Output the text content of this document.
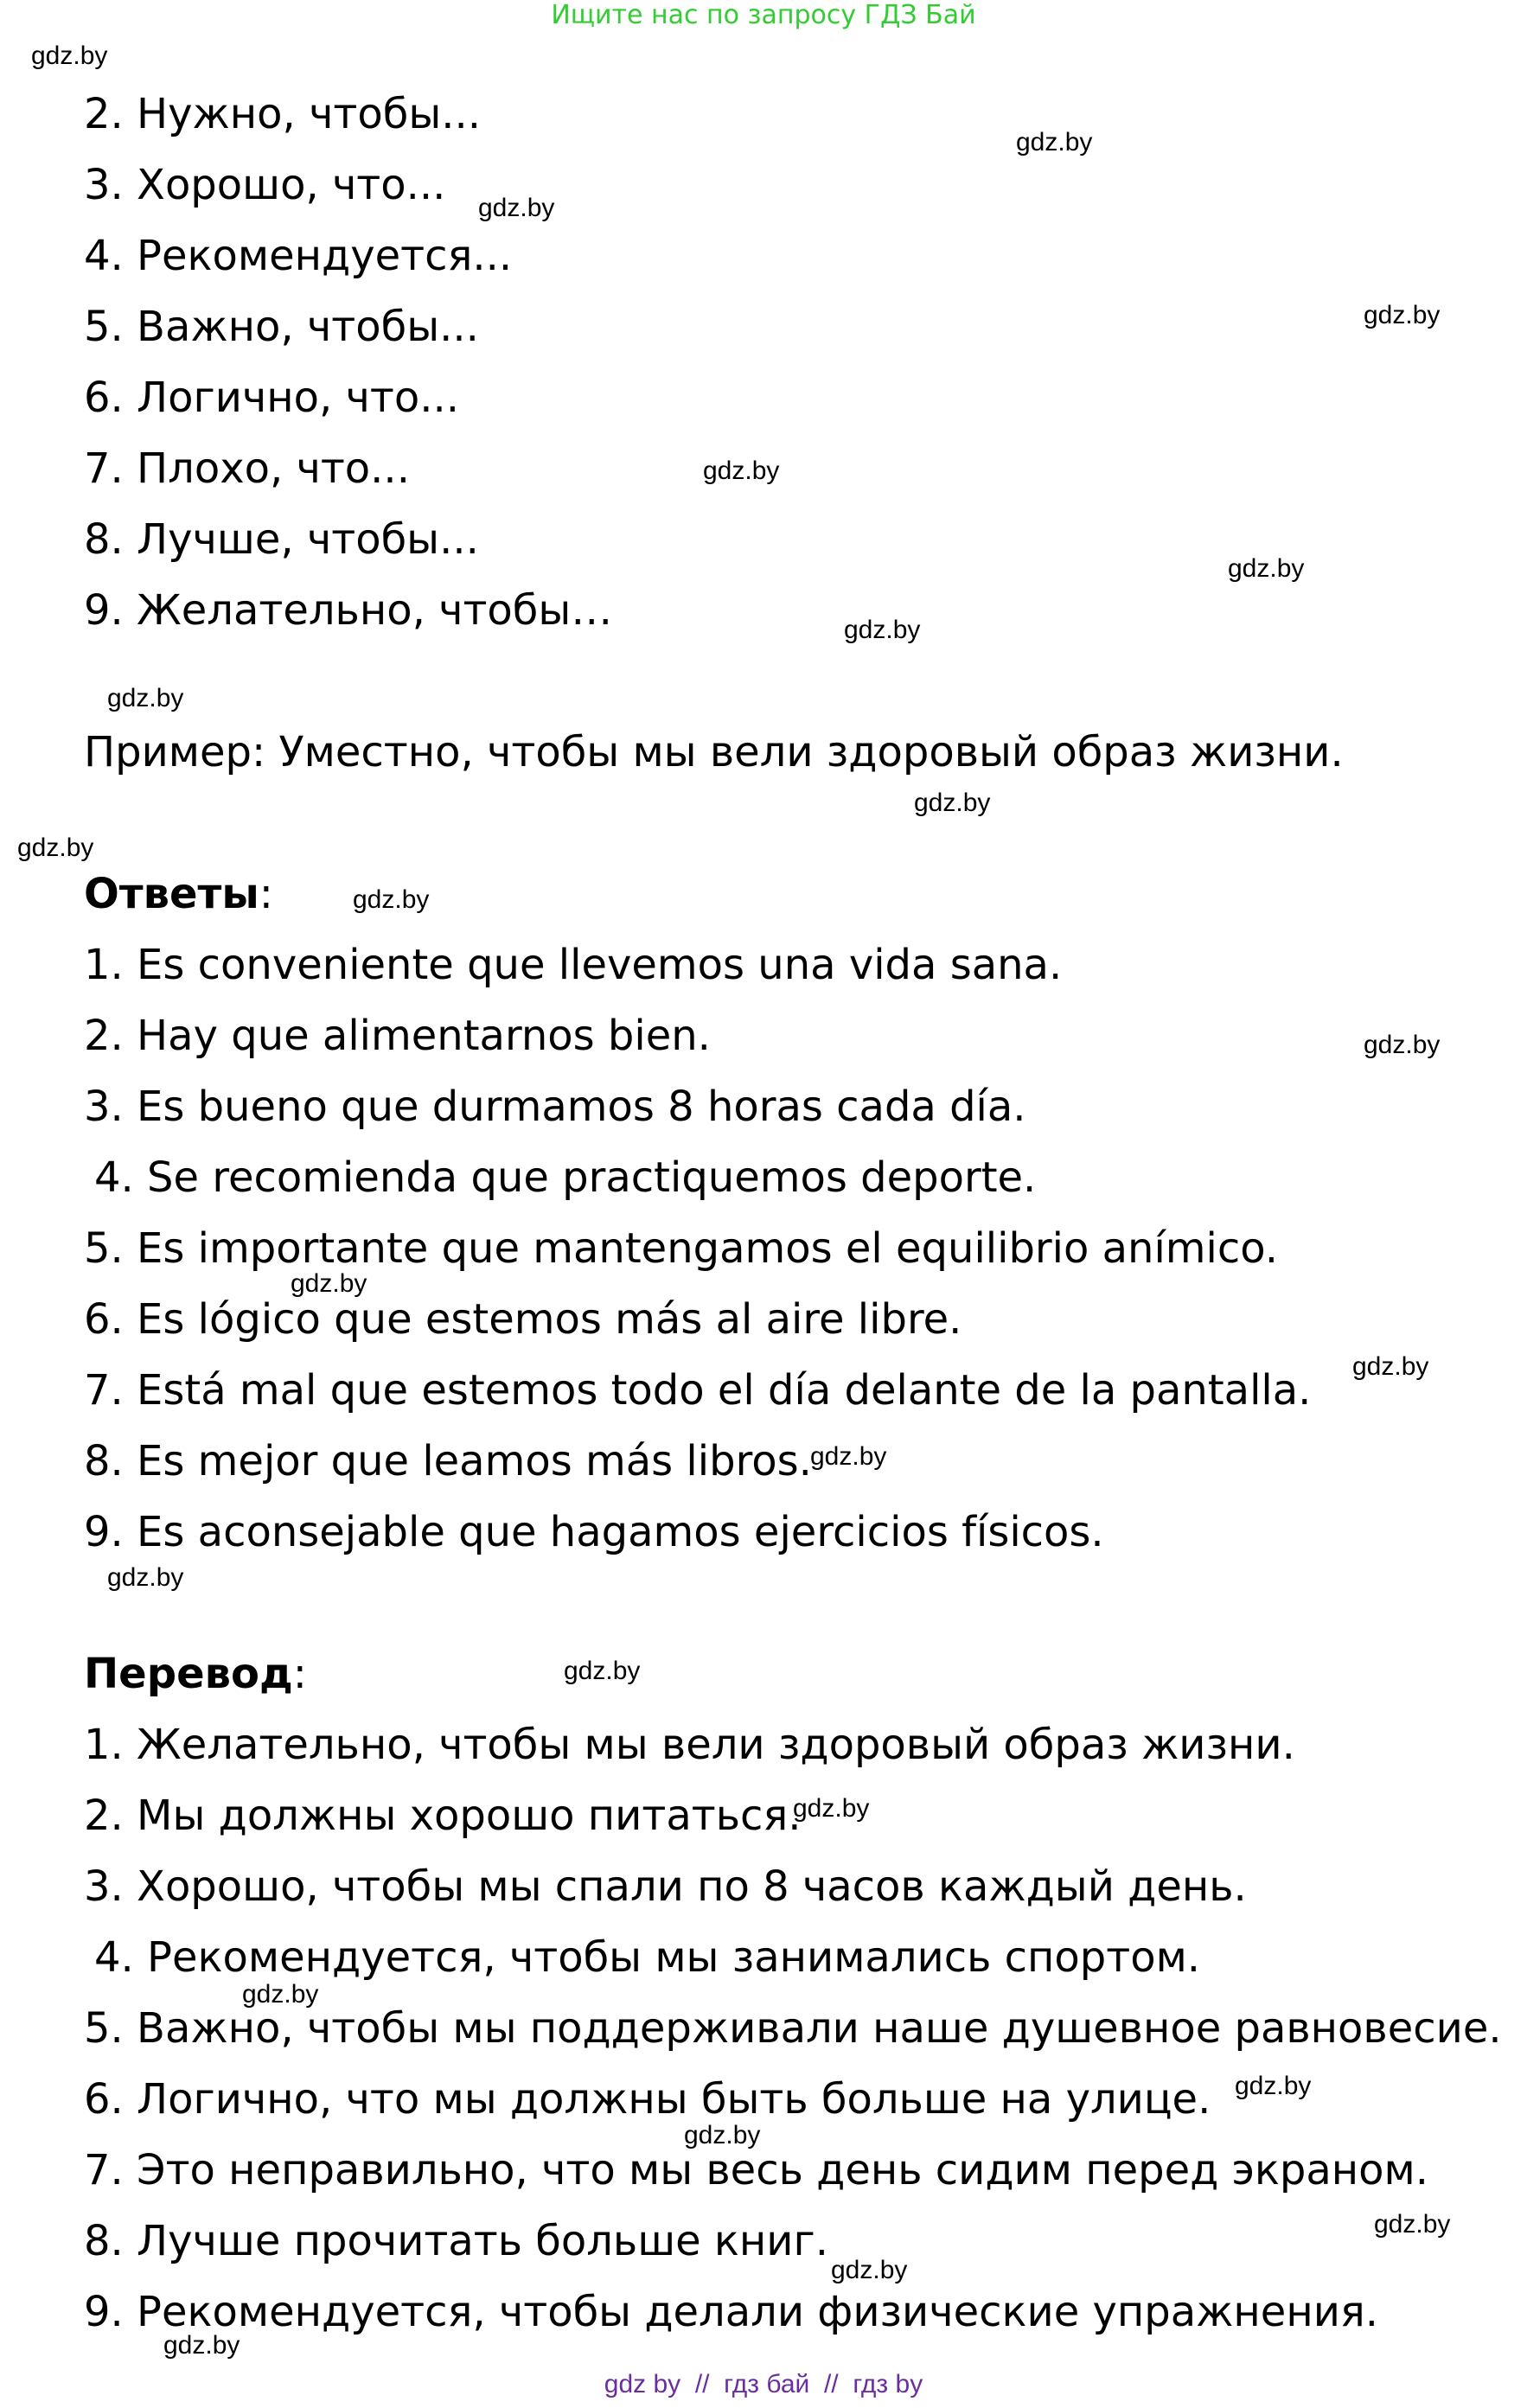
Ищите нас по запросу ГДЗ Бай
2. Нужно, чтобы...
3. Хорошо, что...
4. Рекомендуется...
5. Важно, чтобы...
6. Логично, что...
7. Плохо, что...
8. Лучше, чтобы...
9. Желательно, чтобы…
Пример: Уместно, чтобы мы вели здоровый образ жизни.
Ответы:
1. Es conveniente que llevemos una vida sana.
2. Hay que alimentarnos bien.
3. Es bueno que durmamos 8 horas cada día.
4. Se recomienda que practiquemos deporte.
5. Es importante que mantengamos el equilibrio anímico.
6. Es lógico que estemos más al aire libre.
7. Está mal que estemos todo el día delante de la pantalla.
8. Es mejor que leamos más libros.
9. Es aconsejable que hagamos ejercicios físicos.
Перевод:
1. Желательно, чтобы мы вели здоровый образ жизни.
2. Мы должны хорошо питаться.
3. Хорошо, чтобы мы спали по 8 часов каждый день.
4. Рекомендуется, чтобы мы занимались спортом.
5. Важно, чтобы мы поддерживали наше душевное равновесие.
6. Логично, что мы должны быть больше на улице.
7. Это неправильно, что мы весь день сидим перед экраном.
8. Лучше прочитать больше книг.
9. Рекомендуется, чтобы делали физические упражнения.
gdz.by
gdz.by
gdz.by
gdz.by
gdz.by
gdz.by
gdz.by
gdz.by
gdz.by
gdz.by
gdz.by
gdz.by
gdz.by
gdz.by
gdz.by
gdz.by
gdz.by
gdz.by
gdz.by
gdz.by
gdz.by
gdz.by
gdz.by
gdz.by
gdz by  //  гдз бай  //  гдз by
